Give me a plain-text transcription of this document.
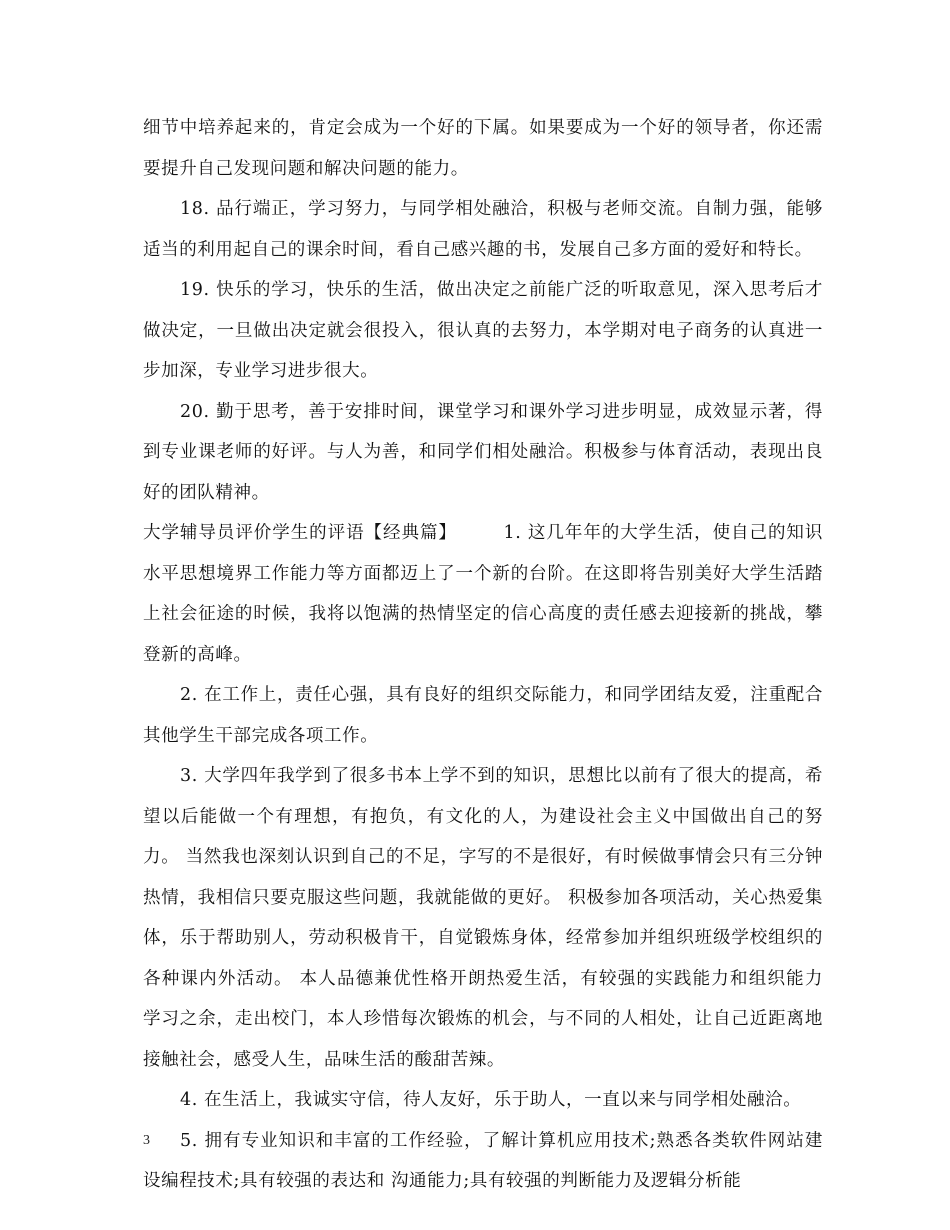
细节中培养起来的，肯定会成为一个好的下属。如果要成为一个好的领导者，你还需要提升自己发现问题和解决问题的能力。

18. 品行端正，学习努力，与同学相处融洽，积极与老师交流。自制力强，能够适当的利用起自己的课余时间，看自己感兴趣的书，发展自己多方面的爱好和特长。

19. 快乐的学习，快乐的生活，做出决定之前能广泛的听取意见，深入思考后才做决定，一旦做出决定就会很投入，很认真的去努力，本学期对电子商务的认真进一步加深，专业学习进步很大。

20. 勤于思考，善于安排时间，课堂学习和课外学习进步明显，成效显示著，得到专业课老师的好评。与人为善，和同学们相处融洽。积极参与体育活动，表现出良好的团队精神。

大学辅导员评价学生的评语【经典篇】　　　1. 这几年年的大学生活，使自己的知识水平思想境界工作能力等方面都迈上了一个新的台阶。在这即将告别美好大学生活踏上社会征途的时候，我将以饱满的热情坚定的信心高度的责任感去迎接新的挑战，攀登新的高峰。

2. 在工作上，责任心强，具有良好的组织交际能力，和同学团结友爱，注重配合其他学生干部完成各项工作。

3. 大学四年我学到了很多书本上学不到的知识，思想比以前有了很大的提高，希望以后能做一个有理想，有抱负，有文化的人，为建设社会主义中国做出自己的努力。 当然我也深刻认识到自己的不足，字写的不是很好，有时候做事情会只有三分钟热情，我相信只要克服这些问题，我就能做的更好。 积极参加各项活动，关心热爱集体，乐于帮助别人，劳动积极肯干，自觉锻炼身体，经常参加并组织班级学校组织的各种课内外活动。 本人品德兼优性格开朗热爱生活，有较强的实践能力和组织能力 学习之余，走出校门，本人珍惜每次锻炼的机会，与不同的人相处，让自己近距离地接触社会，感受人生，品味生活的酸甜苦辣。

4. 在生活上，我诚实守信，待人友好，乐于助人，一直以来与同学相处融洽。

5. 拥有专业知识和丰富的工作经验，了解计算机应用技术;熟悉各类软件网站建设编程技术;具有较强的表达和 沟通能力;具有较强的判断能力及逻辑分析能

3
